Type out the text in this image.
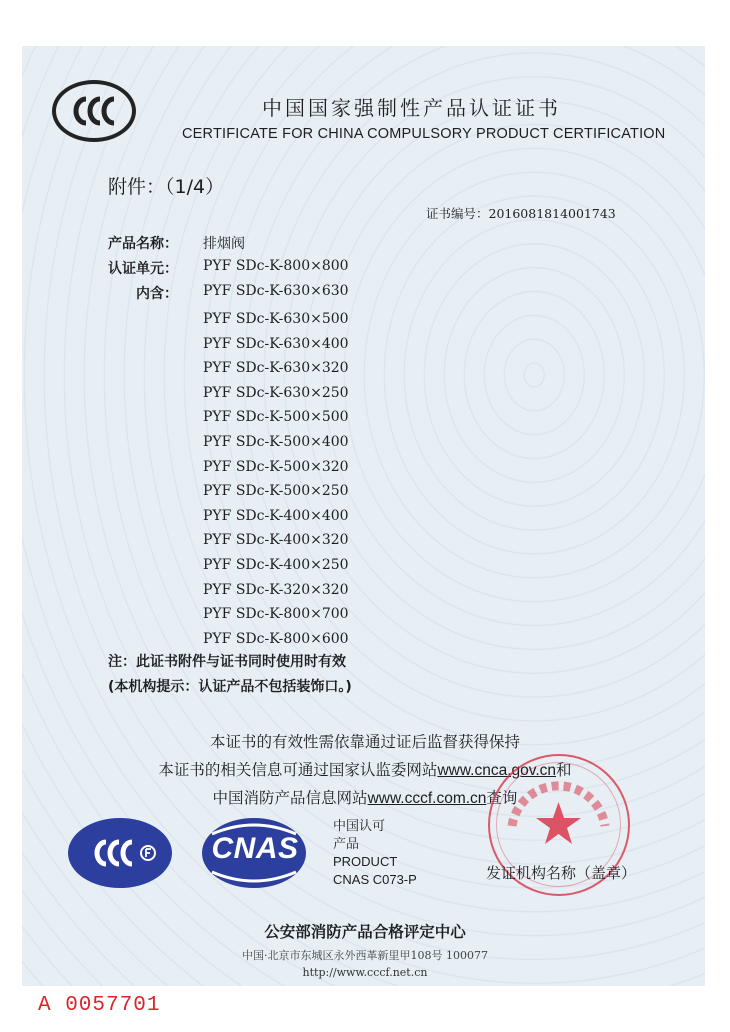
中国国家强制性产品认证证书
CERTIFICATE FOR CHINA COMPULSORY PRODUCT CERTIFICATION
附件：（1/4）
证书编号：2016081814001743
产品名称： 排烟阀
认证单元： PYF SDc-K-800×800
内含： PYF SDc-K-630×630
PYF SDc-K-630×500
PYF SDc-K-630×400
PYF SDc-K-630×320
PYF SDc-K-630×250
PYF SDc-K-500×500
PYF SDc-K-500×400
PYF SDc-K-500×320
PYF SDc-K-500×250
PYF SDc-K-400×400
PYF SDc-K-400×320
PYF SDc-K-400×250
PYF SDc-K-320×320
PYF SDc-K-800×700
PYF SDc-K-800×600
注：此证书附件与证书同时使用时有效
(本机构提示：认证产品不包括装饰口。)
本证书的有效性需依靠通过证后监督获得保持
本证书的相关信息可通过国家认监委网站www.cnca.gov.cn和
中国消防产品信息网站www.cccf.com.cn查询
CNAS
中国认可
产品
PRODUCT
CNAS C073-P	发证机构名称（盖章）
公安部消防产品合格评定中心
中国·北京市东城区永外西革新里甲108号 100077
http://www.cccf.net.cn
A 0057701
